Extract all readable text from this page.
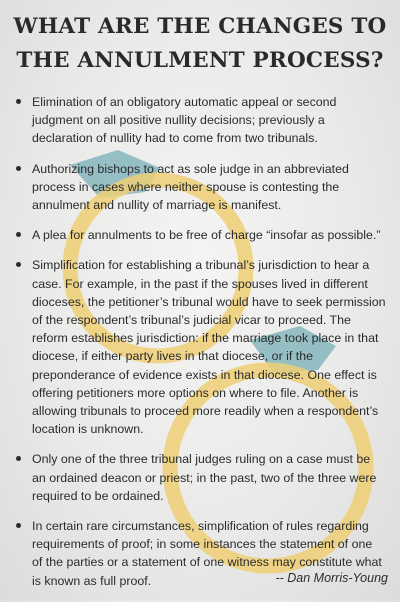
WHAT ARE THE CHANGES TO
THE ANNULMENT PROCESS?
Elimination of an obligatory automatic appeal or second judgment on all positive nullity decisions; previously a declaration of nullity had to come from two tribunals.
Authorizing bishops to act as sole judge in an abbreviated process in cases where neither spouse is contesting the annulment and nullity of marriage is manifest.
A plea for annulments to be free of charge “insofar as possible.”
Simplification for establishing a tribunal’s jurisdiction to hear a case. For example, in the past if the spouses lived in different dioceses, the petitioner’s tribunal would have to seek permission of the respondent’s tribunal’s judicial vicar to proceed. The reform establishes jurisdiction: if the marriage took place in that diocese, if either party lives in that diocese, or if the preponderance of evidence exists in that diocese. One effect is offering petitioners more options on where to file. Another is allowing tribunals to proceed more readily when a respondent’s location is unknown.
Only one of the three tribunal judges ruling on a case must be an ordained deacon or priest; in the past, two of the three were required to be ordained.
In certain rare circumstances, simplification of rules regarding requirements of proof; in some instances the statement of one of the parties or a statement of one witness may constitute what is known as full proof.	-- Dan Morris-Young
